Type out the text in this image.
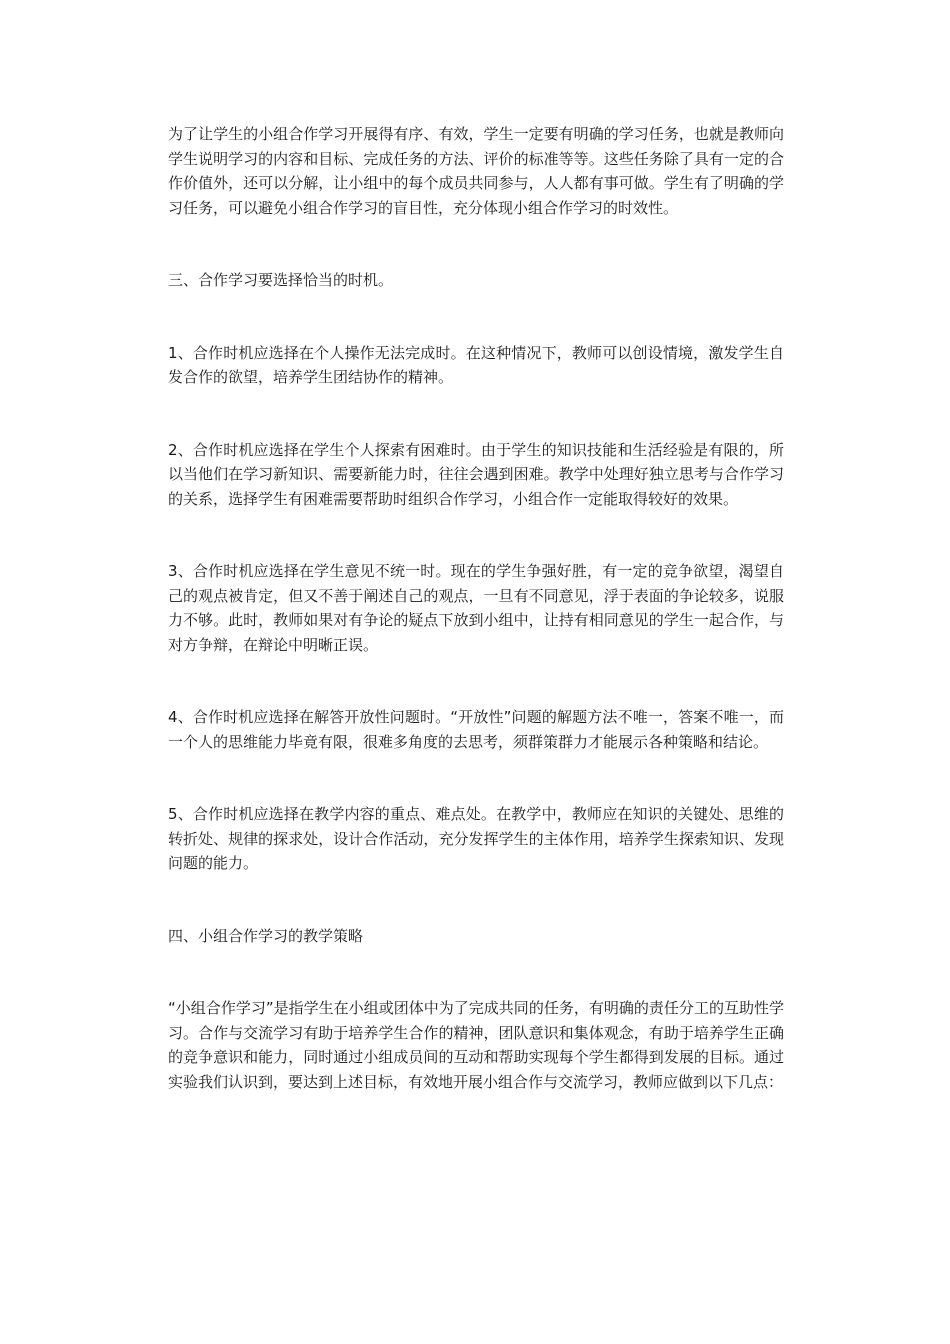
为了让学生的小组合作学习开展得有序、有效，学生一定要有明确的学习任务，也就是教师向学生说明学习的内容和目标、完成任务的方法、评价的标准等等。这些任务除了具有一定的合作价值外，还可以分解，让小组中的每个成员共同参与，人人都有事可做。学生有了明确的学习任务，可以避免小组合作学习的盲目性，充分体现小组合作学习的时效性。

三、合作学习要选择恰当的时机。

1、合作时机应选择在个人操作无法完成时。在这种情况下，教师可以创设情境，激发学生自发合作的欲望，培养学生团结协作的精神。

2、合作时机应选择在学生个人探索有困难时。由于学生的知识技能和生活经验是有限的，所以当他们在学习新知识、需要新能力时，往往会遇到困难。教学中处理好独立思考与合作学习的关系，选择学生有困难需要帮助时组织合作学习，小组合作一定能取得较好的效果。

3、合作时机应选择在学生意见不统一时。现在的学生争强好胜，有一定的竞争欲望，渴望自己的观点被肯定，但又不善于阐述自己的观点，一旦有不同意见，浮于表面的争论较多，说服力不够。此时，教师如果对有争论的疑点下放到小组中，让持有相同意见的学生一起合作，与对方争辩，在辩论中明晰正误。

4、合作时机应选择在解答开放性问题时。“开放性”问题的解题方法不唯一，答案不唯一，而一个人的思维能力毕竟有限，很难多角度的去思考，须群策群力才能展示各种策略和结论。

5、合作时机应选择在教学内容的重点、难点处。在教学中，教师应在知识的关键处、思维的转折处、规律的探求处，设计合作活动，充分发挥学生的主体作用，培养学生探索知识、发现问题的能力。

四、小组合作学习的教学策略

“小组合作学习”是指学生在小组或团体中为了完成共同的任务，有明确的责任分工的互助性学习。合作与交流学习有助于培养学生合作的精神，团队意识和集体观念，有助于培养学生正确的竞争意识和能力，同时通过小组成员间的互动和帮助实现每个学生都得到发展的目标。通过实验我们认识到，要达到上述目标，有效地开展小组合作与交流学习，教师应做到以下几点：
